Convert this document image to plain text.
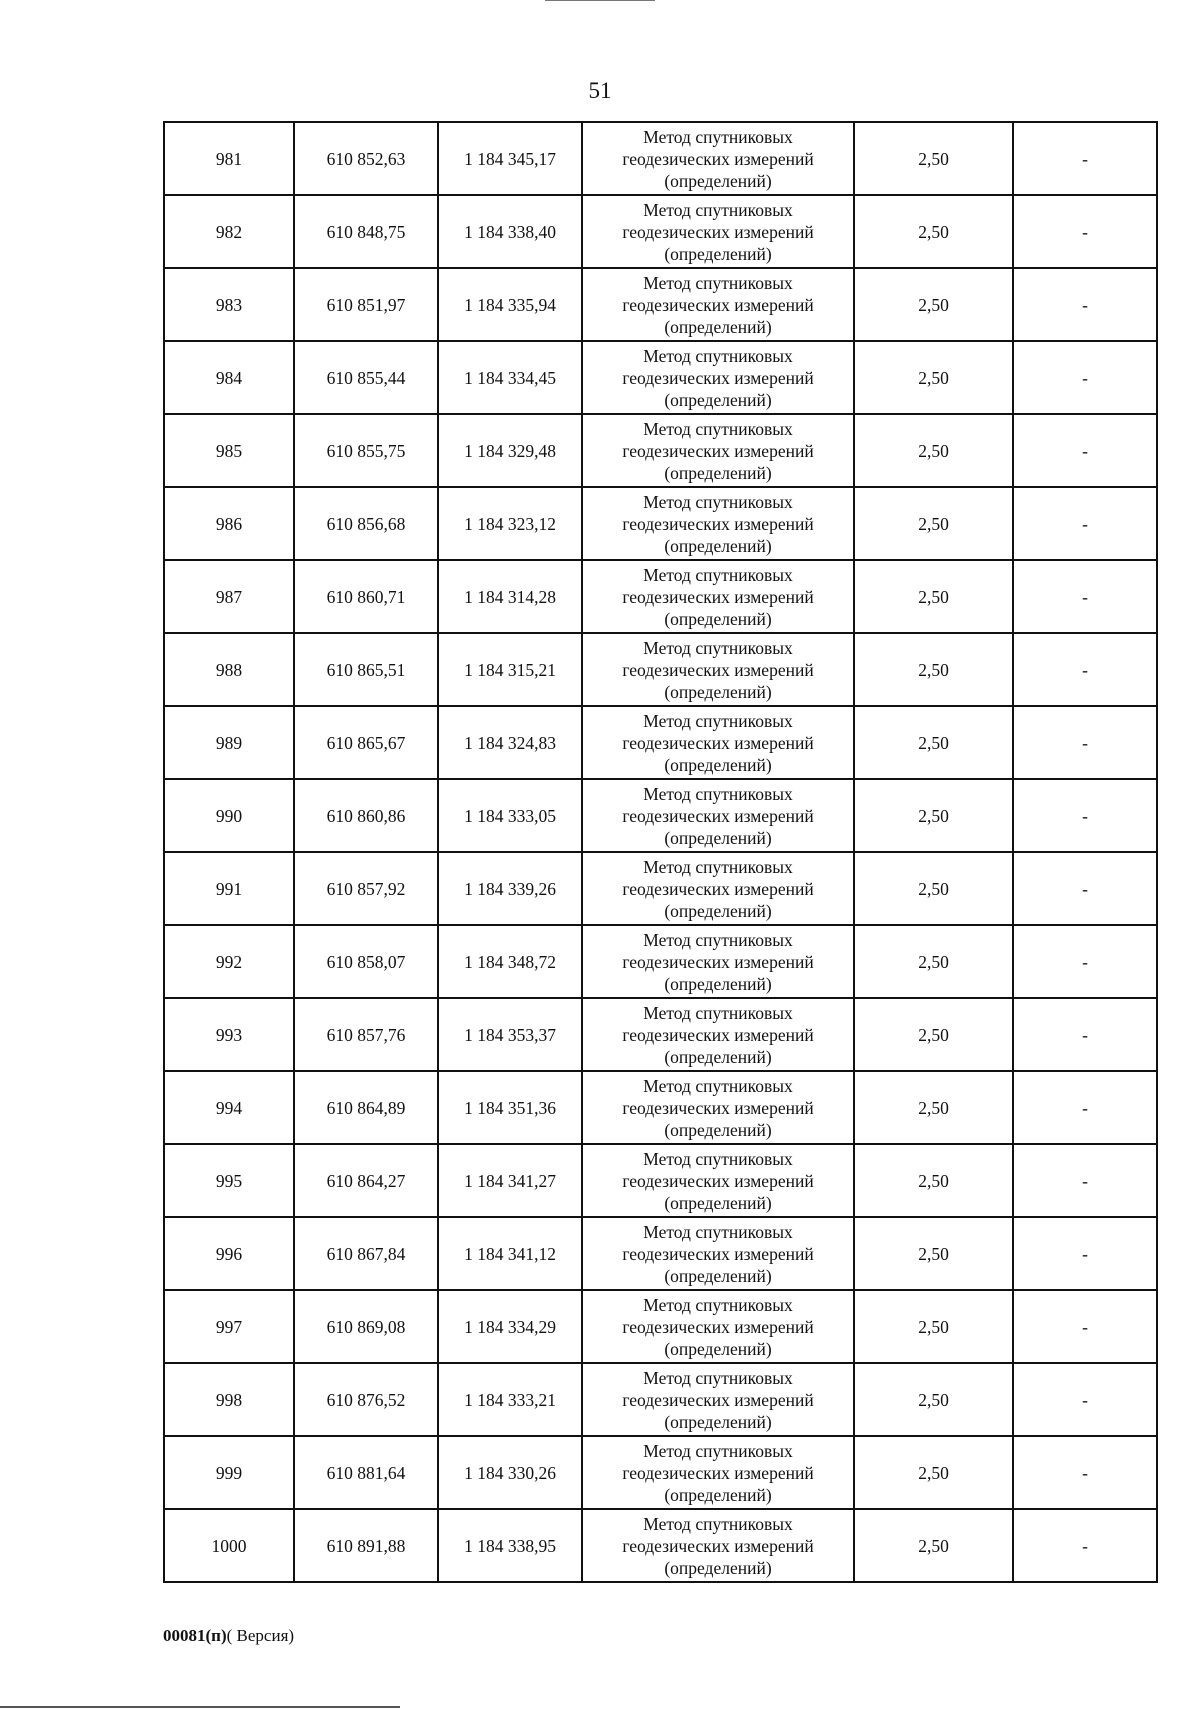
51
981	610 852,63	1 184 345,17	Метод спутниковых
геодезических измерений
(определений)	2,50	-
982	610 848,75	1 184 338,40	Метод спутниковых
геодезических измерений
(определений)	2,50	-
983	610 851,97	1 184 335,94	Метод спутниковых
геодезических измерений
(определений)	2,50	-
984	610 855,44	1 184 334,45	Метод спутниковых
геодезических измерений
(определений)	2,50	-
985	610 855,75	1 184 329,48	Метод спутниковых
геодезических измерений
(определений)	2,50	-
986	610 856,68	1 184 323,12	Метод спутниковых
геодезических измерений
(определений)	2,50	-
987	610 860,71	1 184 314,28	Метод спутниковых
геодезических измерений
(определений)	2,50	-
988	610 865,51	1 184 315,21	Метод спутниковых
геодезических измерений
(определений)	2,50	-
989	610 865,67	1 184 324,83	Метод спутниковых
геодезических измерений
(определений)	2,50	-
990	610 860,86	1 184 333,05	Метод спутниковых
геодезических измерений
(определений)	2,50	-
991	610 857,92	1 184 339,26	Метод спутниковых
геодезических измерений
(определений)	2,50	-
992	610 858,07	1 184 348,72	Метод спутниковых
геодезических измерений
(определений)	2,50	-
993	610 857,76	1 184 353,37	Метод спутниковых
геодезических измерений
(определений)	2,50	-
994	610 864,89	1 184 351,36	Метод спутниковых
геодезических измерений
(определений)	2,50	-
995	610 864,27	1 184 341,27	Метод спутниковых
геодезических измерений
(определений)	2,50	-
996	610 867,84	1 184 341,12	Метод спутниковых
геодезических измерений
(определений)	2,50	-
997	610 869,08	1 184 334,29	Метод спутниковых
геодезических измерений
(определений)	2,50	-
998	610 876,52	1 184 333,21	Метод спутниковых
геодезических измерений
(определений)	2,50	-
999	610 881,64	1 184 330,26	Метод спутниковых
геодезических измерений
(определений)	2,50	-
1000	610 891,88	1 184 338,95	Метод спутниковых
геодезических измерений
(определений)	2,50	-
00081(п)( Версия)
